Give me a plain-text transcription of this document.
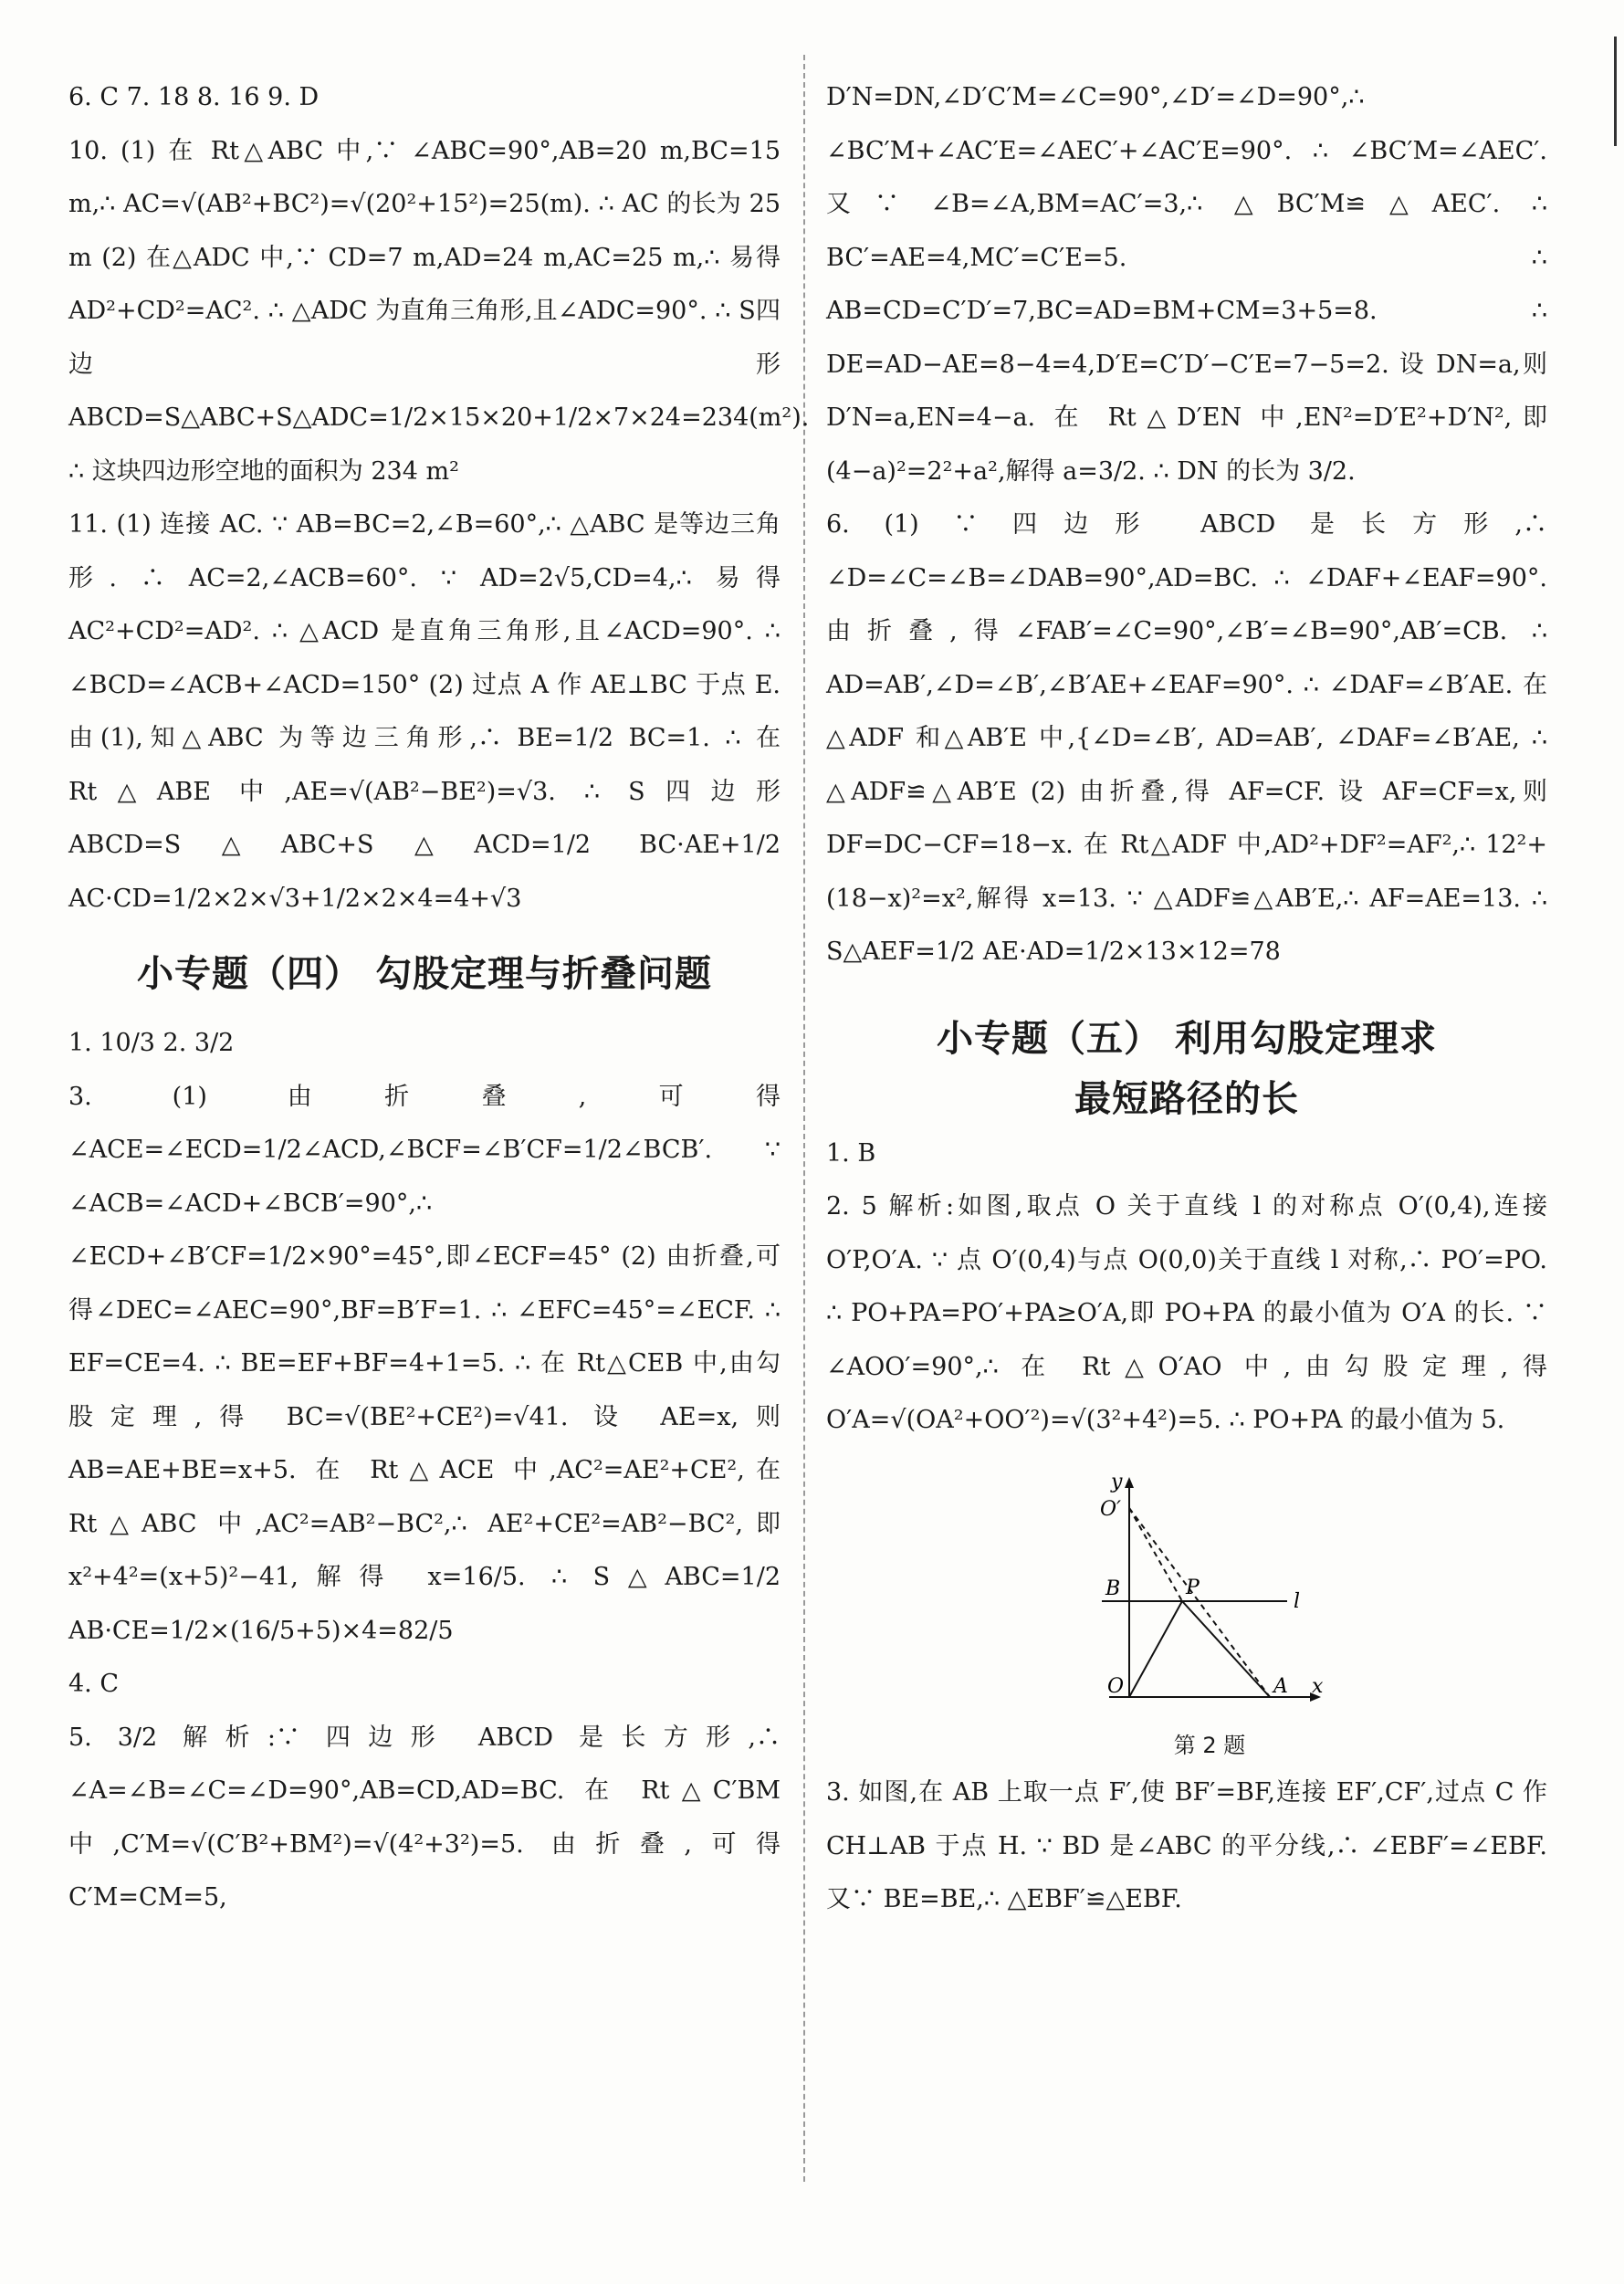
6. C 7. 18 8. 16 9. D

10. (1) 在 Rt△ABC 中,∵ ∠ABC=90°,AB=20 m,BC=15 m,∴ AC=√(AB²+BC²)=√(20²+15²)=25(m). ∴ AC 的长为 25 m (2) 在△ADC 中,∵ CD=7 m,AD=24 m,AC=25 m,∴ 易得 AD²+CD²=AC². ∴ △ADC 为直角三角形,且∠ADC=90°. ∴ S四边形ABCD=S△ABC+S△ADC=1/2×15×20+1/2×7×24=234(m²). ∴ 这块四边形空地的面积为 234 m²

11. (1) 连接 AC. ∵ AB=BC=2,∠B=60°,∴ △ABC 是等边三角形. ∴ AC=2,∠ACB=60°. ∵ AD=2√5,CD=4,∴ 易得 AC²+CD²=AD². ∴ △ACD 是直角三角形,且∠ACD=90°. ∴ ∠BCD=∠ACB+∠ACD=150° (2) 过点 A 作 AE⊥BC 于点 E. 由(1),知△ABC 为等边三角形,∴ BE=1/2 BC=1. ∴ 在 Rt△ABE 中,AE=√(AB²−BE²)=√3. ∴ S四边形ABCD=S△ABC+S△ACD=1/2 BC·AE+1/2 AC·CD=1/2×2×√3+1/2×2×4=4+√3

小专题（四） 勾股定理与折叠问题

1. 10/3 2. 3/2

3. (1) 由折叠,可得∠ACE=∠ECD=1/2∠ACD,∠BCF=∠B′CF=1/2∠BCB′. ∵ ∠ACB=∠ACD+∠BCB′=90°,∴ ∠ECD+∠B′CF=1/2×90°=45°,即∠ECF=45° (2) 由折叠,可得∠DEC=∠AEC=90°,BF=B′F=1. ∴ ∠EFC=45°=∠ECF. ∴ EF=CE=4. ∴ BE=EF+BF=4+1=5. ∴ 在 Rt△CEB 中,由勾股定理,得 BC=√(BE²+CE²)=√41. 设 AE=x,则 AB=AE+BE=x+5. 在 Rt△ACE 中,AC²=AE²+CE²,在 Rt△ABC 中,AC²=AB²−BC²,∴ AE²+CE²=AB²−BC²,即 x²+4²=(x+5)²−41,解得 x=16/5. ∴ S△ABC=1/2 AB·CE=1/2×(16/5+5)×4=82/5

4. C

5. 3/2 解析:∵ 四边形 ABCD 是长方形,∴ ∠A=∠B=∠C=∠D=90°,AB=CD,AD=BC. 在 Rt△C′BM 中,C′M=√(C′B²+BM²)=√(4²+3²)=5. 由折叠,可得 C′M=CM=5,

D′N=DN,∠D′C′M=∠C=90°,∠D′=∠D=90°,∴ ∠BC′M+∠AC′E=∠AEC′+∠AC′E=90°. ∴ ∠BC′M=∠AEC′. 又∵ ∠B=∠A,BM=AC′=3,∴ △BC′M≌△AEC′. ∴ BC′=AE=4,MC′=C′E=5. ∴ AB=CD=C′D′=7,BC=AD=BM+CM=3+5=8. ∴ DE=AD−AE=8−4=4,D′E=C′D′−C′E=7−5=2. 设 DN=a,则 D′N=a,EN=4−a. 在 Rt△D′EN 中,EN²=D′E²+D′N²,即(4−a)²=2²+a²,解得 a=3/2. ∴ DN 的长为 3/2.

6. (1) ∵ 四边形 ABCD 是长方形,∴ ∠D=∠C=∠B=∠DAB=90°,AD=BC. ∴ ∠DAF+∠EAF=90°. 由折叠,得∠FAB′=∠C=90°,∠B′=∠B=90°,AB′=CB. ∴ AD=AB′,∠D=∠B′,∠B′AE+∠EAF=90°. ∴ ∠DAF=∠B′AE. 在△ADF 和△AB′E 中,{∠D=∠B′, AD=AB′, ∠DAF=∠B′AE, ∴ △ADF≌△AB′E (2) 由折叠,得 AF=CF. 设 AF=CF=x,则 DF=DC−CF=18−x. 在 Rt△ADF 中,AD²+DF²=AF²,∴ 12²+(18−x)²=x²,解得 x=13. ∵ △ADF≌△AB′E,∴ AF=AE=13. ∴ S△AEF=1/2 AE·AD=1/2×13×12=78

小专题（五） 利用勾股定理求
最短路径的长

1. B

2. 5 解析:如图,取点 O 关于直线 l 的对称点 O′(0,4),连接 O′P,O′A. ∵ 点 O′(0,4)与点 O(0,0)关于直线 l 对称,∴ PO′=PO. ∴ PO+PA=PO′+PA≥O′A,即 PO+PA 的最小值为 O′A 的长. ∵ ∠AOO′=90°,∴ 在 Rt△O′AO 中,由勾股定理,得 O′A=√(OA²+OO′²)=√(3²+4²)=5. ∴ PO+PA 的最小值为 5.

y
O′
B	P
l
O	A x
第 2 题

3. 如图,在 AB 上取一点 F′,使 BF′=BF,连接 EF′,CF′,过点 C 作 CH⊥AB 于点 H. ∵ BD 是∠ABC 的平分线,∴ ∠EBF′=∠EBF. 又∵ BE=BE,∴ △EBF′≌△EBF.
